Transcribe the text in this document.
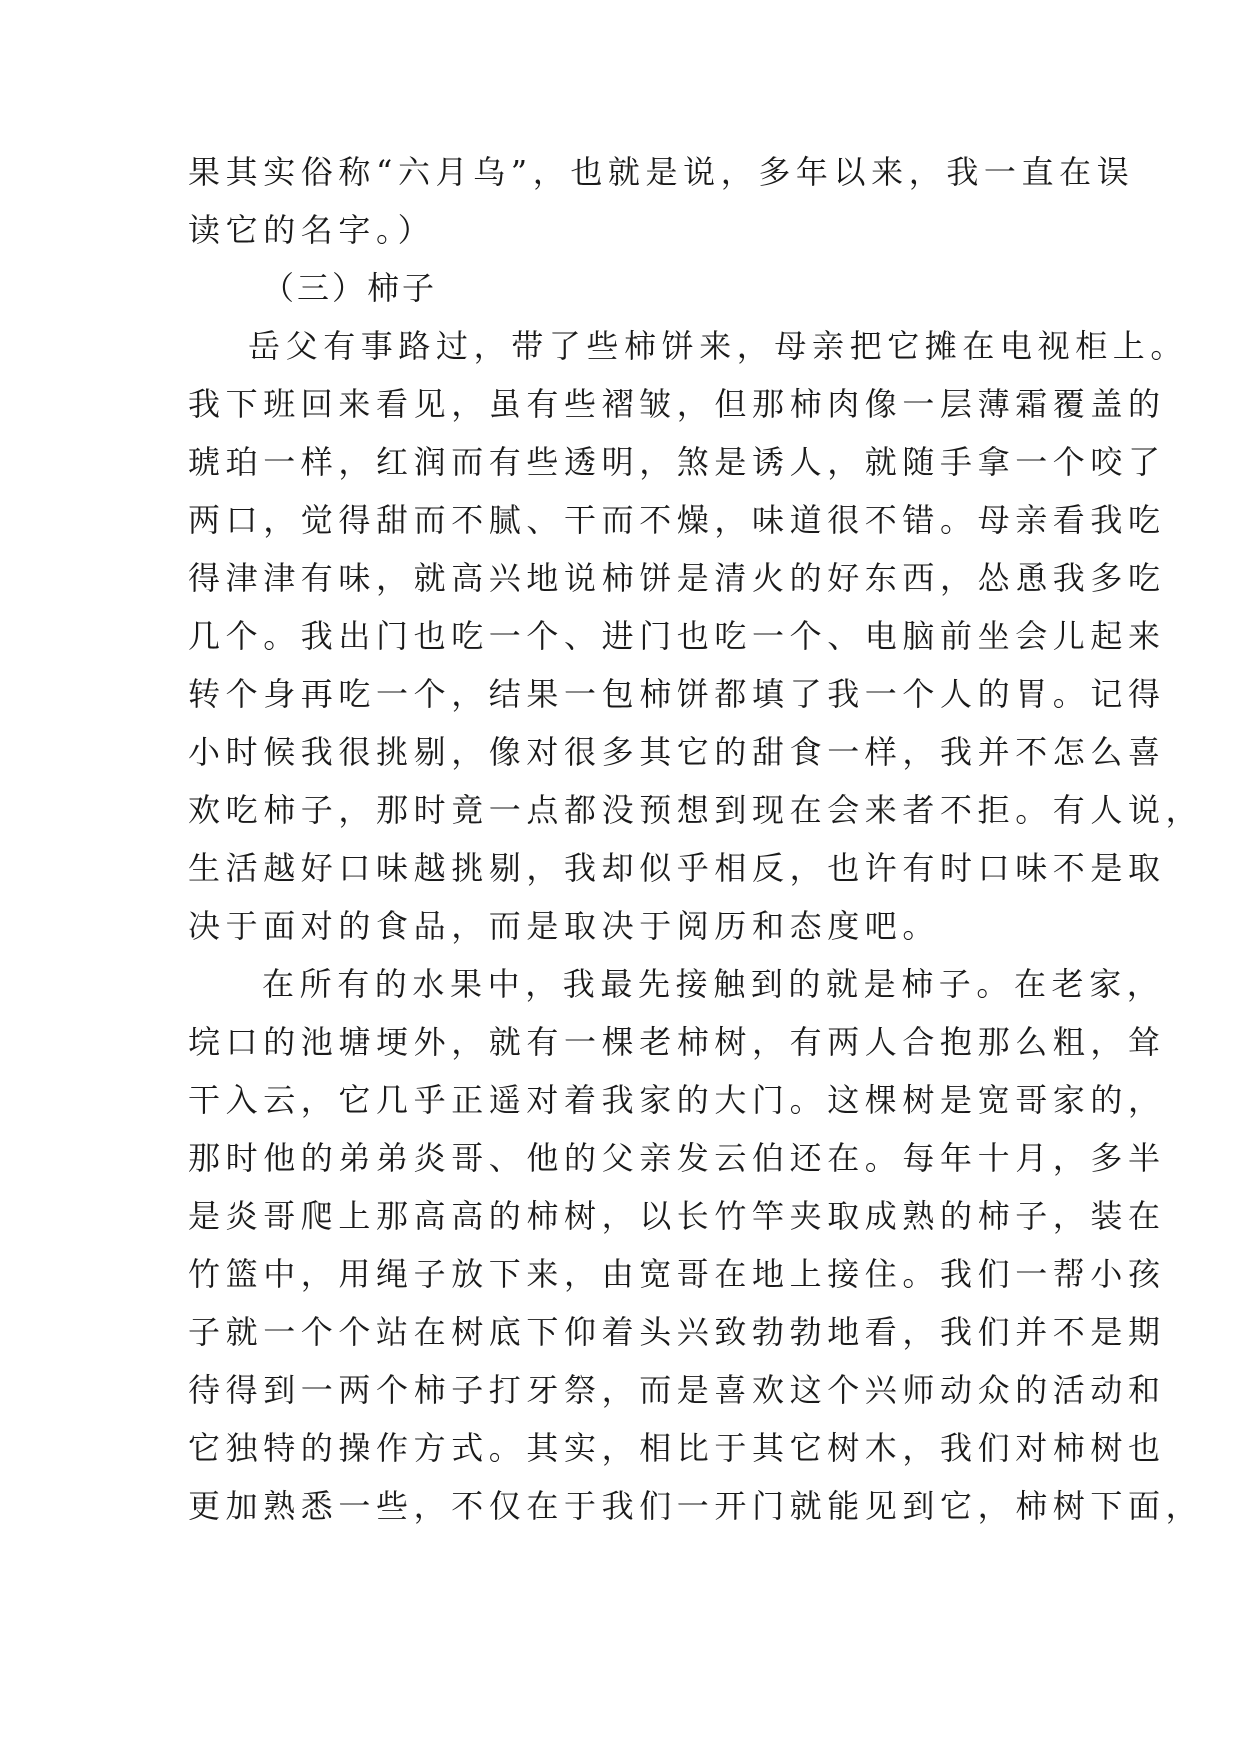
果其实俗称“六月乌”，也就是说，多年以来，我一直在误
读它的名字。）
（三）柿子
岳父有事路过，带了些柿饼来，母亲把它摊在电视柜上。
我下班回来看见，虽有些褶皱，但那柿肉像一层薄霜覆盖的
琥珀一样，红润而有些透明，煞是诱人，就随手拿一个咬了
两口，觉得甜而不腻、干而不燥，味道很不错。母亲看我吃
得津津有味，就高兴地说柿饼是清火的好东西，怂恿我多吃
几个。我出门也吃一个、进门也吃一个、电脑前坐会儿起来
转个身再吃一个，结果一包柿饼都填了我一个人的胃。记得
小时候我很挑剔，像对很多其它的甜食一样，我并不怎么喜
欢吃柿子，那时竟一点都没预想到现在会来者不拒。有人说，
生活越好口味越挑剔，我却似乎相反，也许有时口味不是取
决于面对的食品，而是取决于阅历和态度吧。
在所有的水果中，我最先接触到的就是柿子。在老家，
垸口的池塘埂外，就有一棵老柿树，有两人合抱那么粗，耸
干入云，它几乎正遥对着我家的大门。这棵树是宽哥家的，
那时他的弟弟炎哥、他的父亲发云伯还在。每年十月，多半
是炎哥爬上那高高的柿树，以长竹竿夹取成熟的柿子，装在
竹篮中，用绳子放下来，由宽哥在地上接住。我们一帮小孩
子就一个个站在树底下仰着头兴致勃勃地看，我们并不是期
待得到一两个柿子打牙祭，而是喜欢这个兴师动众的活动和
它独特的操作方式。其实，相比于其它树木，我们对柿树也
更加熟悉一些，不仅在于我们一开门就能见到它，柿树下面，
